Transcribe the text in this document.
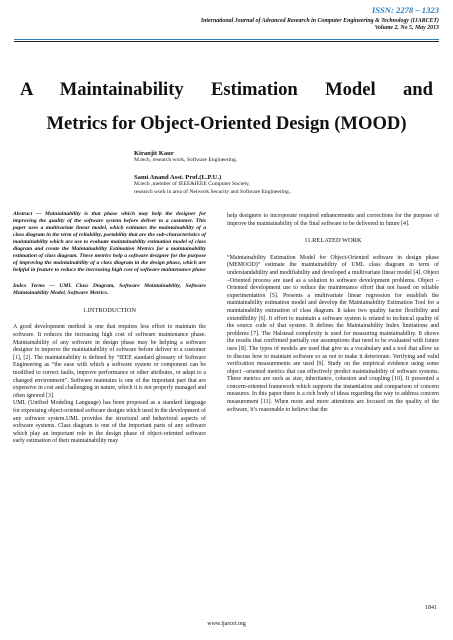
ISSN: 2278 – 1323
International Journal of Advanced Research in Computer Engineering & Technology (IJARCET)
Volume 2, No 5, May 2013
A Maintainability Estimation Model and
Metrics for Object-Oriented Design (MOOD)
Kiranjit Kaur
M.tech, research work, Software Engineering.
Sami Anand Asst. Prof.(L.P.U.)
M.tech ,member of IEEE&IEEE Computer Society,
research work in area of Network Security and Software Engineering..

Abstract — Maintainability is that phase which may help the designer for improving the quality of the software system before deliver to a customer. This paper uses a multivariate linear model, which estimates the maintainability of a class diagram in the term of reliability, portability that are the sub-characteristics of maintainability which are use to evaluate maintainability estimation model of class diagram and create the Maintainability Estimation Metrics for a maintainability estimation of class diagram. These metrics help a software designer for the purpose of improving the maintainability of a class diagram in the design phase, which are helpful in feature to reduce the increasing high cost of software maintenance phase

Index Terms — UML Class Diagram, Software Maintainability, Software Maintainability Model, Software Metrics.

1.INTRODUCTION

A good development method is one that requires less effort to maintain the software. It reduces the increasing high cost of software maintenance phase. Maintainability of any software in design phase may be helping a software designer to improve the maintainability of software before deliver to a customer [1], [2]. The maintainability is defined by “IEEE standard glossary of Software Engineering as “the ease with which a software system or component can be modified to correct faults, improve performance or other attributes, or adapt to a changed environment”. Software maintains is one of the important part that are expensive in cost and challenging in nature, which it is not properly managed and often ignored [3].

UML (Unified Modeling Language) has been proposed as a standard language for expressing object-oriented software designs which used in the development of any software system.UML provides the structural and behavioral aspects of software systems. Class diagram is one of the important parts of any software which play an important role in the design phase of object-oriented software early estimation of their maintainability may

help designers to incorporate required enhancements and corrections for the purpose of improve the maintainability of the final software to be delivered in future [4].

11.RELATED WORK

“Maintainability Estimation Model for Object-Oriented software in design phase (MEMOOD)” estimate the maintainability of UML class diagram in term of understandability and modifiability and developed a multivariate linear model [4]. Object –Oriented process are used as a solution to software development problems. Object –Oriented development use to reduce the maintenance effort that not based on reliable experimentation [5]. Presents a multivariate linear regression for establish the maintainability estimation model and develop the Maintainability Estimation Tool for a maintainability estimation of class diagram. It takes two quality factor flexibility and extendibility [6]. It effort to maintain a software system is related to technical quality of the source code of that system. It defines the Maintainability Index limitations and problems [7]. The Halstead complexity is used for measuring maintainability. It shows the results that confirmed partially our assumptions that need to be evaluated with future uses [8]. The types of models are used that give us a vocabulary and a tool that allow us to discuss how to maintain software so as not to make it deteriorate. Verifying and valid verification measurements are used [9]. Study on the empirical evidence using some object –oriented metrics that can effectively predict maintainability of software systems. These metrics are such as size, inheritance, cohesion and coupling [10]. It presented a concern-oriented framework which supports the instantiation and comparison of concern measures. In this paper there is a rich body of ideas regarding the way to address concern measurement [11]. When more and more attentions are focused on the quality of the software, it’s reasonable to believe that the

1841
www.ijarcet.org
